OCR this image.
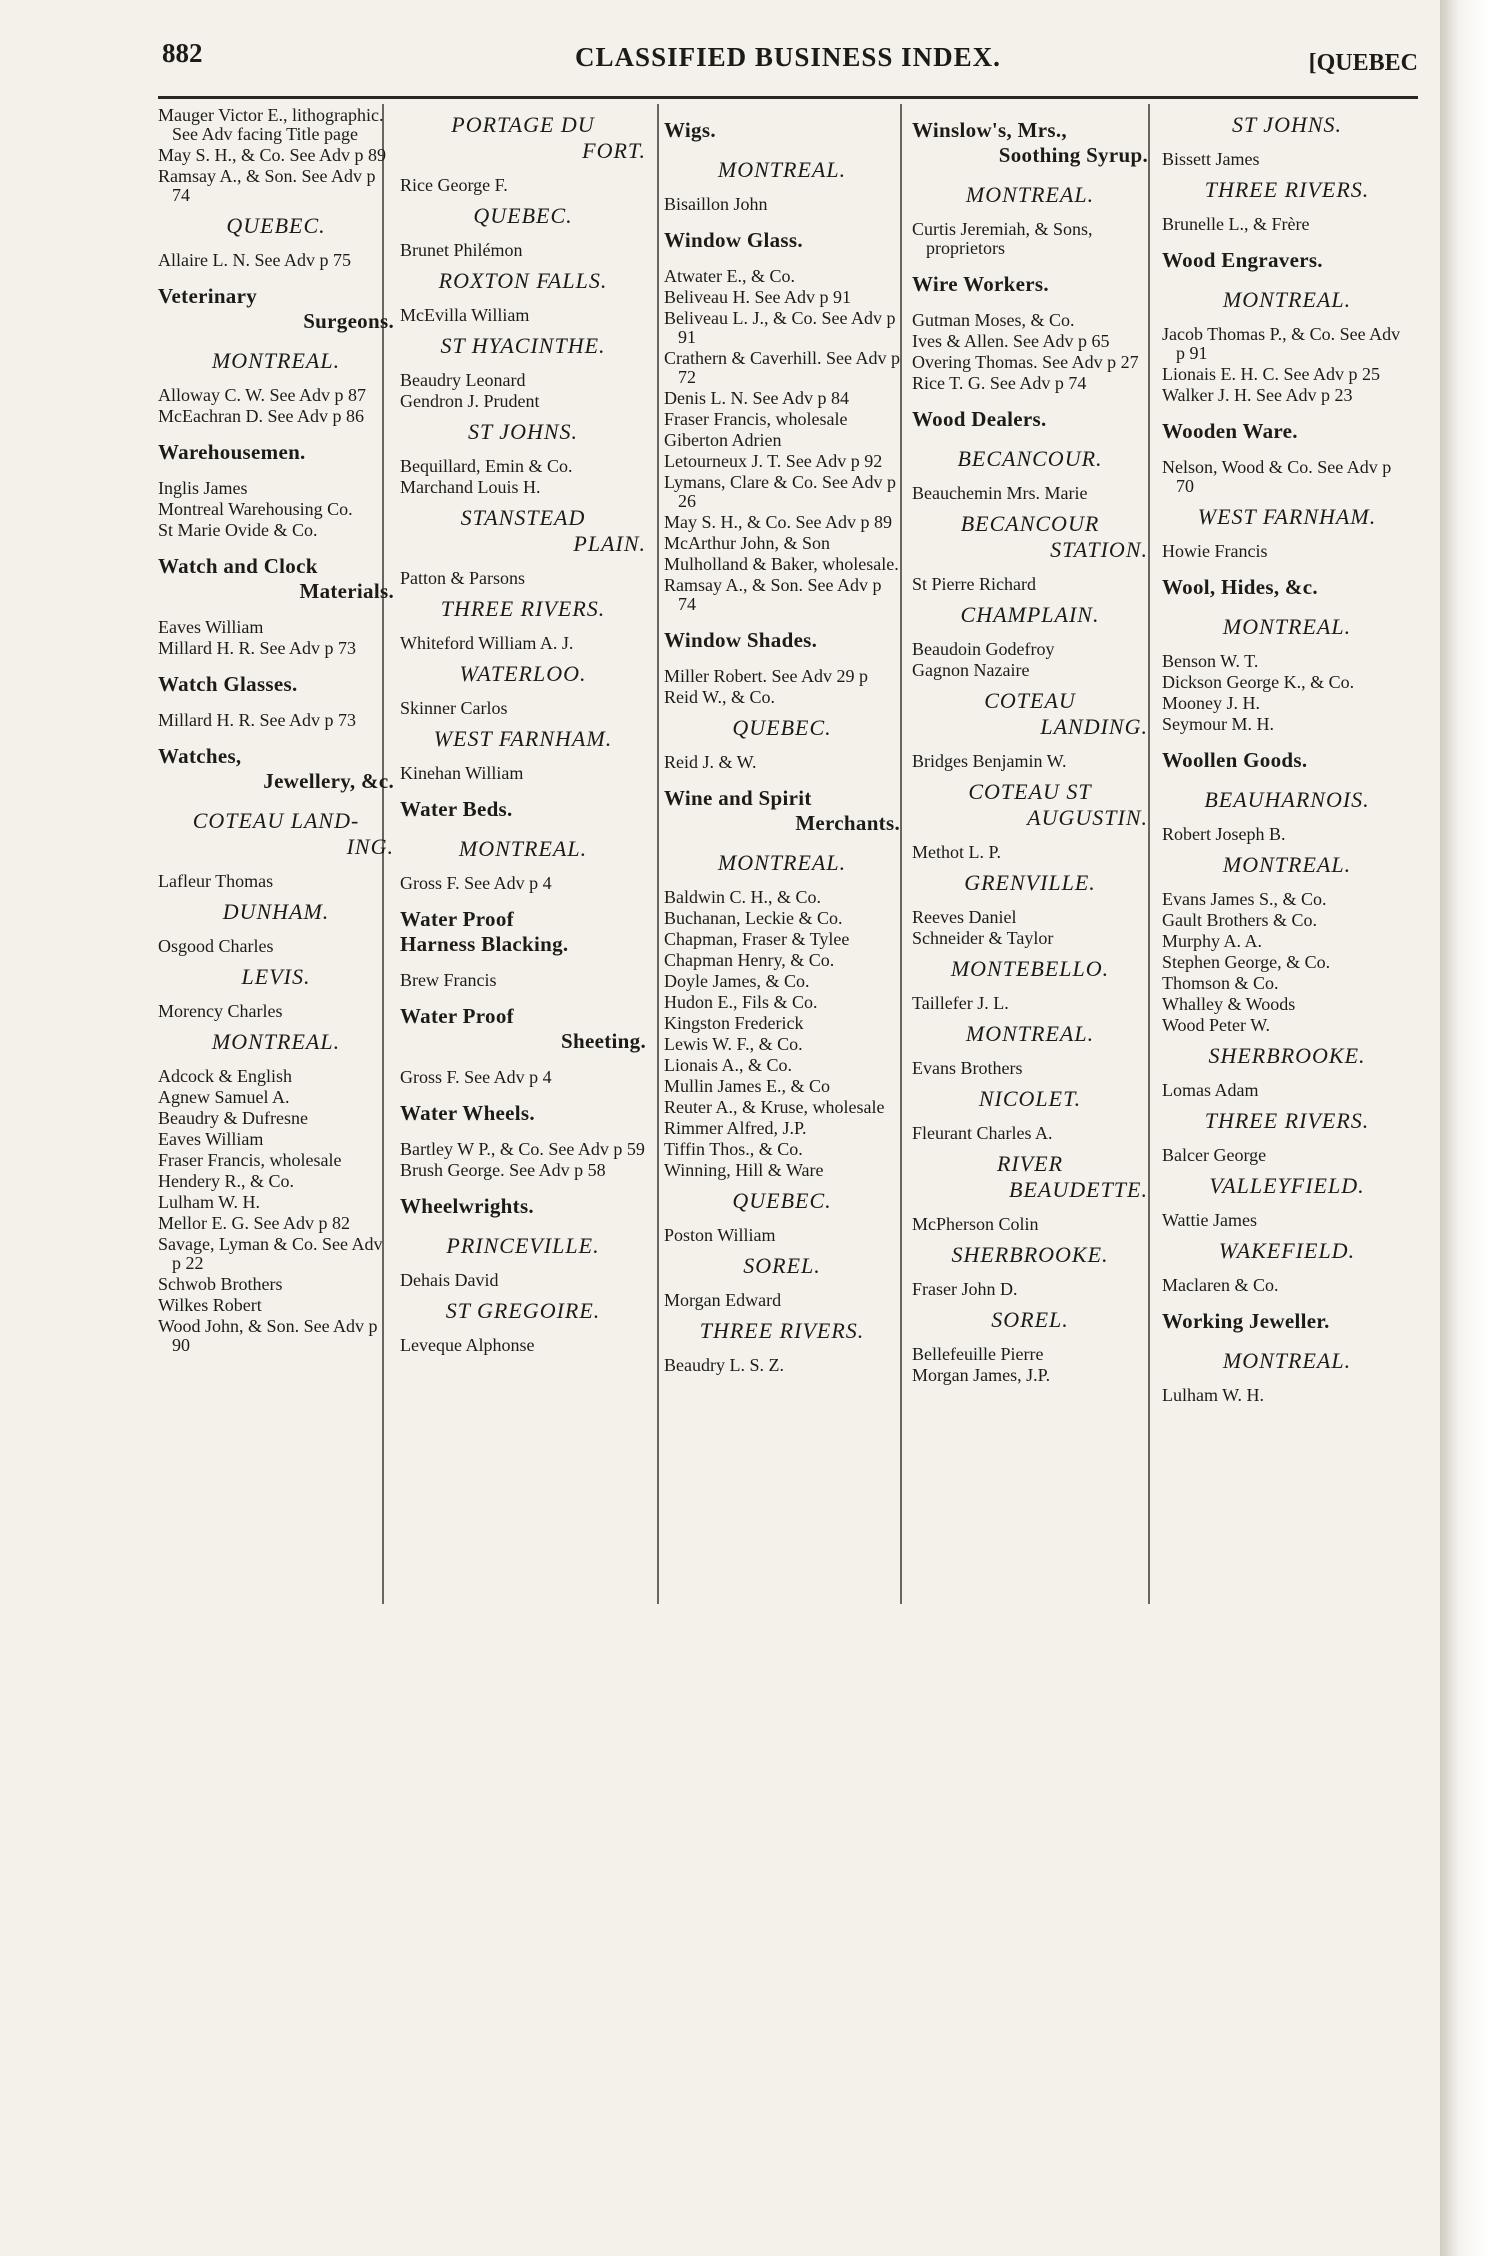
882	CLASSIFIED BUSINESS INDEX.	[QUEBEC
Mauger Victor E., lithographic. See Adv facing Title page
May S. H., & Co. See Adv p 89
Ramsay A., & Son. See Adv p 74
QUEBEC.
Allaire L. N. See Adv p 75
Veterinary
Surgeons.
MONTREAL.
Alloway C. W. See Adv p 87
McEachran D. See Adv p 86
Warehousemen.
Inglis James
Montreal Warehousing Co.
St Marie Ovide & Co.
Watch and Clock
Materials.
Eaves William
Millard H. R. See Adv p 73
Watch Glasses.
Millard H. R. See Adv p 73
Watches,
Jewellery, &c.
COTEAU LAND-
ING.
Lafleur Thomas
DUNHAM.
Osgood Charles
LEVIS.
Morency Charles
MONTREAL.
Adcock & English
Agnew Samuel A.
Beaudry & Dufresne
Eaves William
Fraser Francis, wholesale
Hendery R., & Co.
Lulham W. H.
Mellor E. G. See Adv p 82
Savage, Lyman & Co. See Adv p 22
Schwob Brothers
Wilkes Robert
Wood John, & Son. See Adv p 90
PORTAGE DU
FORT.
Rice George F.
QUEBEC.
Brunet Philémon
ROXTON FALLS.
McEvilla William
ST HYACINTHE.
Beaudry Leonard
Gendron J. Prudent
ST JOHNS.
Bequillard, Emin & Co.
Marchand Louis H.
STANSTEAD
PLAIN.
Patton & Parsons
THREE RIVERS.
Whiteford William A. J.
WATERLOO.
Skinner Carlos
WEST FARNHAM.
Kinehan William
Water Beds.
MONTREAL.
Gross F. See Adv p 4
Water Proof
Harness Blacking.
Brew Francis
Water Proof
Sheeting.
Gross F. See Adv p 4
Water Wheels.
Bartley W P., & Co. See Adv p 59
Brush George. See Adv p 58
Wheelwrights.
PRINCEVILLE.
Dehais David
ST GREGOIRE.
Leveque Alphonse
Wigs.
MONTREAL.
Bisaillon John
Window Glass.
Atwater E., & Co.
Beliveau H. See Adv p 91
Beliveau L. J., & Co. See Adv p 91
Crathern & Caverhill. See Adv p 72
Denis L. N. See Adv p 84
Fraser Francis, wholesale
Giberton Adrien
Letourneux J. T. See Adv p 92
Lymans, Clare & Co. See Adv p 26
May S. H., & Co. See Adv p 89
McArthur John, & Son
Mulholland & Baker, wholesale.
Ramsay A., & Son. See Adv p 74
Window Shades.
Miller Robert. See Adv 29 p
Reid W., & Co.
QUEBEC.
Reid J. & W.
Wine and Spirit
Merchants.
MONTREAL.
Baldwin C. H., & Co.
Buchanan, Leckie & Co.
Chapman, Fraser & Tylee
Chapman Henry, & Co.
Doyle James, & Co.
Hudon E., Fils & Co.
Kingston Frederick
Lewis W. F., & Co.
Lionais A., & Co.
Mullin James E., & Co
Reuter A., & Kruse, wholesale
Rimmer Alfred, J.P.
Tiffin Thos., & Co.
Winning, Hill & Ware
QUEBEC.
Poston William
SOREL.
Morgan Edward
THREE RIVERS.
Beaudry L. S. Z.
Winslow's, Mrs.,
Soothing Syrup.
MONTREAL.
Curtis Jeremiah, & Sons, proprietors
Wire Workers.
Gutman Moses, & Co.
Ives & Allen. See Adv p 65
Overing Thomas. See Adv p 27
Rice T. G. See Adv p 74
Wood Dealers.
BECANCOUR.
Beauchemin Mrs. Marie
BECANCOUR
STATION.
St Pierre Richard
CHAMPLAIN.
Beaudoin Godefroy
Gagnon Nazaire
COTEAU
LANDING.
Bridges Benjamin W.
COTEAU ST
AUGUSTIN.
Methot L. P.
GRENVILLE.
Reeves Daniel
Schneider & Taylor
MONTEBELLO.
Taillefer J. L.
MONTREAL.
Evans Brothers
NICOLET.
Fleurant Charles A.
RIVER
BEAUDETTE.
McPherson Colin
SHERBROOKE.
Fraser John D.
SOREL.
Bellefeuille Pierre
Morgan James, J.P.
ST JOHNS.
Bissett James
THREE RIVERS.
Brunelle L., & Frère
Wood Engravers.
MONTREAL.
Jacob Thomas P., & Co. See Adv p 91
Lionais E. H. C. See Adv p 25
Walker J. H. See Adv p 23
Wooden Ware.
Nelson, Wood & Co. See Adv p 70
WEST FARNHAM.
Howie Francis
Wool, Hides, &c.
MONTREAL.
Benson W. T.
Dickson George K., & Co.
Mooney J. H.
Seymour M. H.
Woollen Goods.
BEAUHARNOIS.
Robert Joseph B.
MONTREAL.
Evans James S., & Co.
Gault Brothers & Co.
Murphy A. A.
Stephen George, & Co.
Thomson & Co.
Whalley & Woods
Wood Peter W.
SHERBROOKE.
Lomas Adam
THREE RIVERS.
Balcer George
VALLEYFIELD.
Wattie James
WAKEFIELD.
Maclaren & Co.
Working Jeweller.
MONTREAL.
Lulham W. H.
